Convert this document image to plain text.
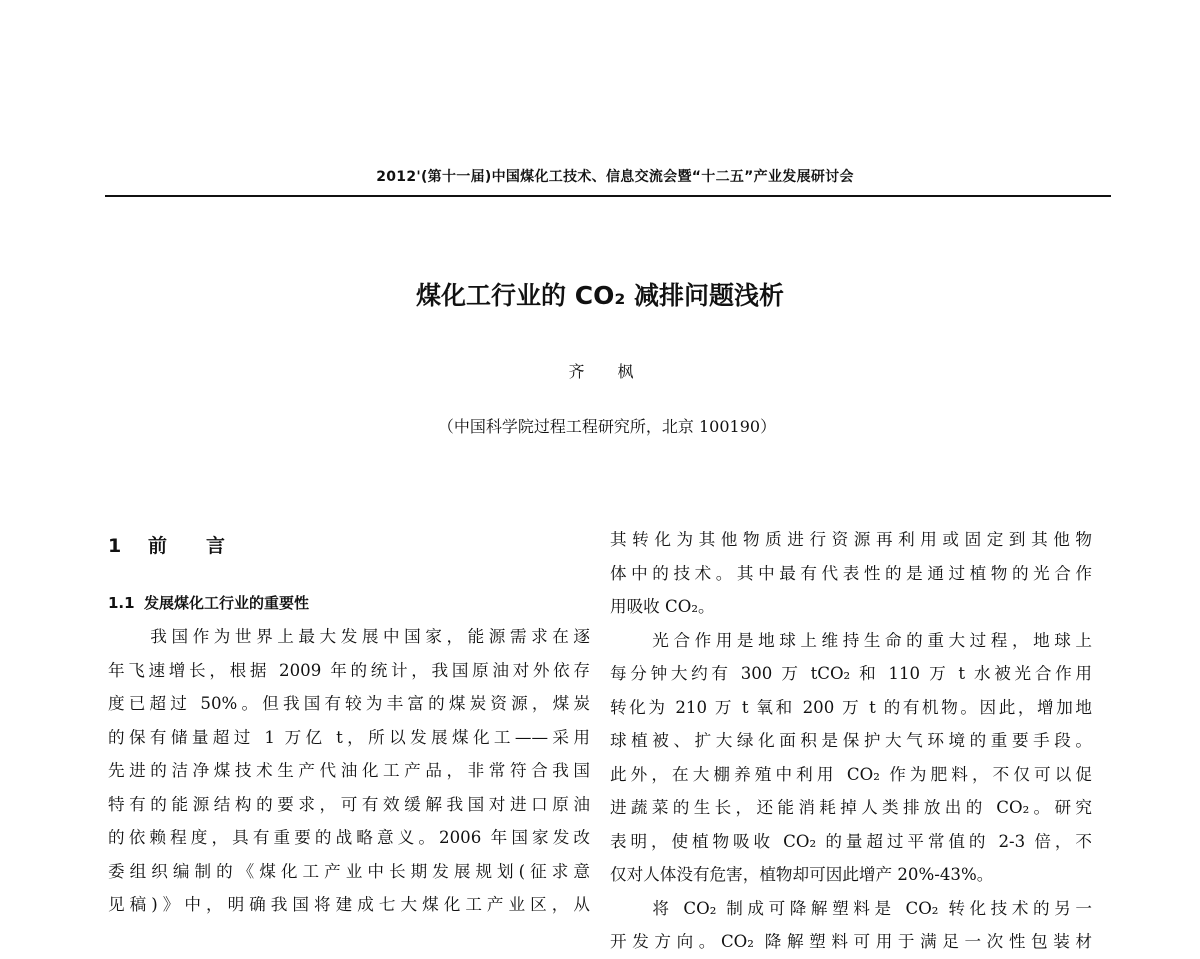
2012'(第十一届)中国煤化工技术、信息交流会暨“十二五”产业发展研讨会
煤化工行业的 CO₂ 减排问题浅析
齐 枫
（中国科学院过程工程研究所，北京 100190）
1 前 言
1.1 发展煤化工行业的重要性
　　我国作为世界上最大发展中国家，能源需求在逐
年飞速增长，根据 2009 年的统计，我国原油对外依存
度已超过 50%。但我国有较为丰富的煤炭资源，煤炭
的保有储量超过 1 万亿 t，所以发展煤化工——采用
先进的洁净煤技术生产代油化工产品，非常符合我国
特有的能源结构的要求，可有效缓解我国对进口原油
的依赖程度，具有重要的战略意义。2006 年国家发改
委组织编制的《煤化工产业中长期发展规划(征求意
见稿)》中，明确我国将建成七大煤化工产业区，从
其转化为其他物质进行资源再利用或固定到其他物
体中的技术。其中最有代表性的是通过植物的光合作
用吸收 CO₂。
　　光合作用是地球上维持生命的重大过程，地球上
每分钟大约有 300 万 tCO₂ 和 110 万 t 水被光合作用
转化为 210 万 t 氧和 200 万 t 的有机物。因此，增加地
球植被、扩大绿化面积是保护大气环境的重要手段。
此外，在大棚养殖中利用 CO₂ 作为肥料，不仅可以促
进蔬菜的生长，还能消耗掉人类排放出的 CO₂。研究
表明，使植物吸收 CO₂ 的量超过平常值的 2-3 倍，不
仅对人体没有危害，植物却可因此增产 20%-43%。
　　将 CO₂ 制成可降解塑料是 CO₂ 转化技术的另一
开发方向。CO₂ 降解塑料可用于满足一次性包装材
